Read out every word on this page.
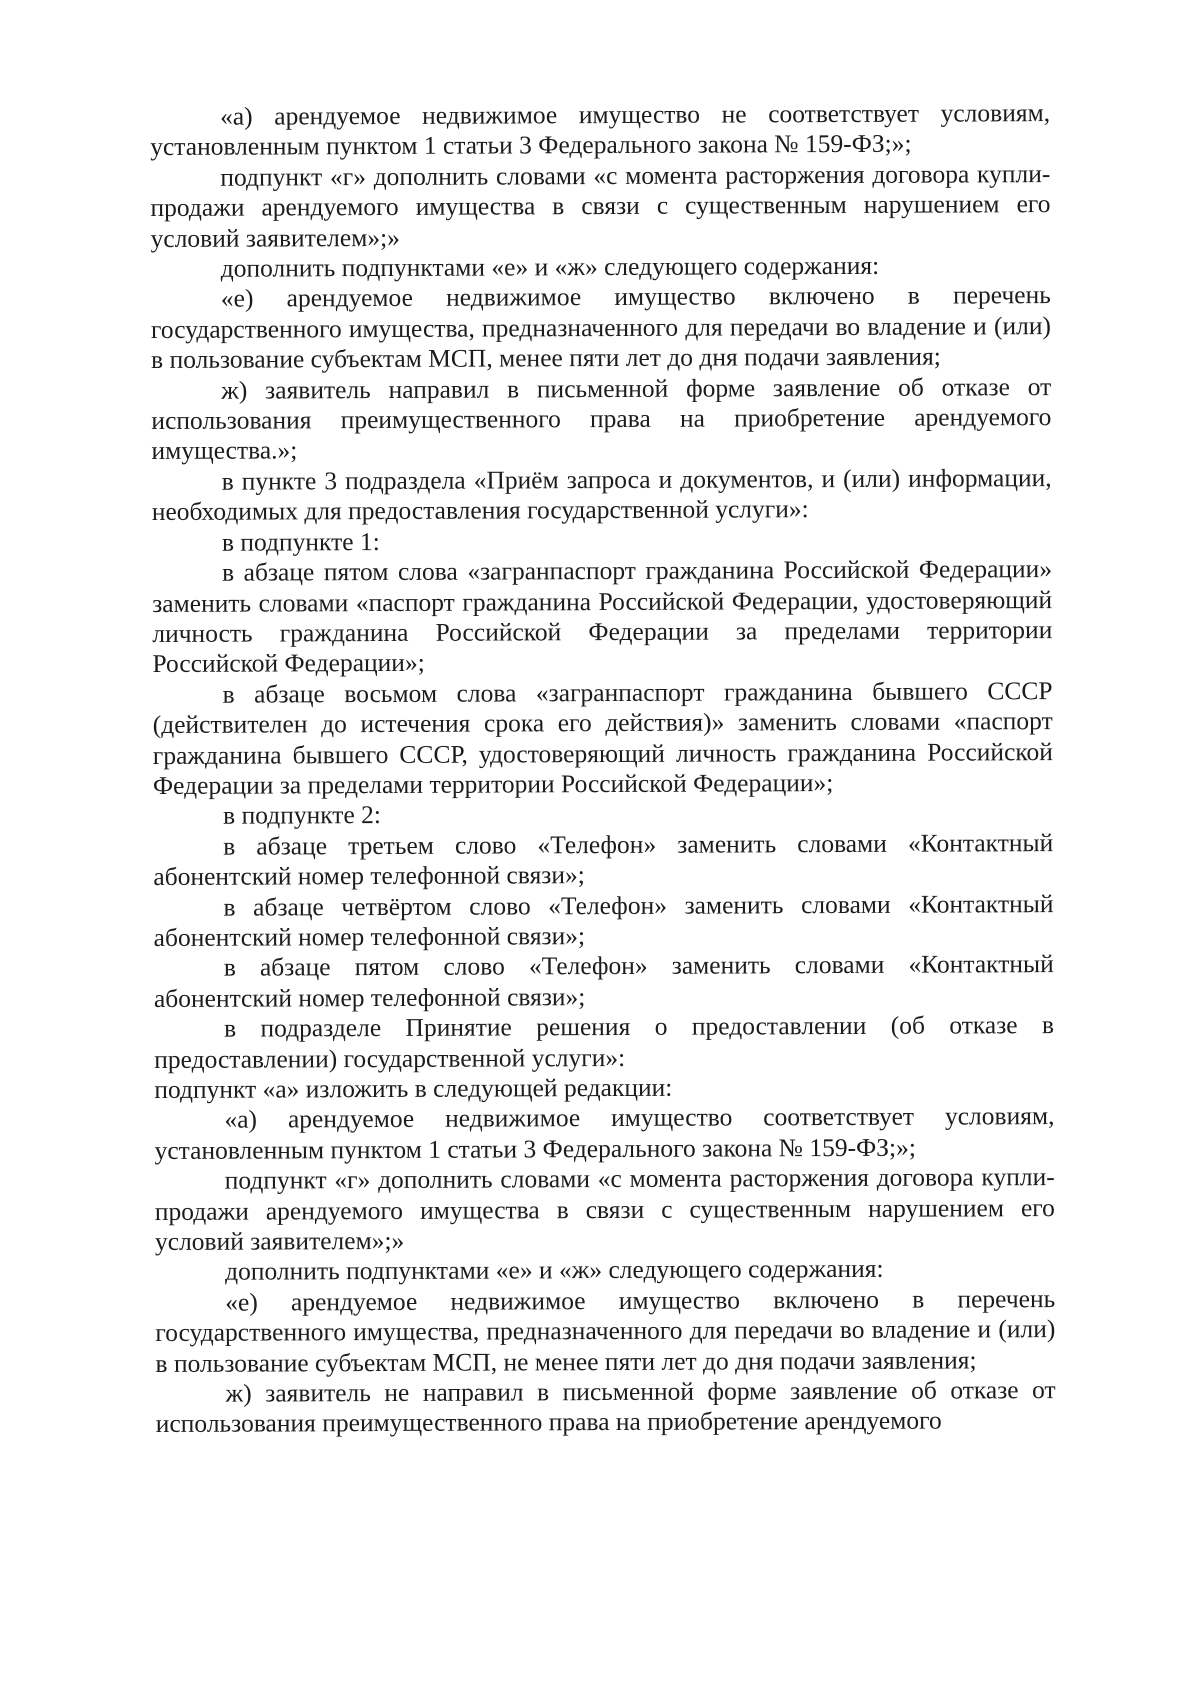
«а) арендуемое недвижимое имущество не соответствует условиям, установленным пунктом 1 статьи 3 Федерального закона № 159-ФЗ;»;

подпункт «г» дополнить словами «с момента расторжения договора купли-продажи арендуемого имущества в связи с существенным нарушением его условий заявителем»;»

дополнить подпунктами «е» и «ж» следующего содержания:

«е) арендуемое недвижимое имущество включено в перечень государственного имущества, предназначенного для передачи во владение и (или) в пользование субъектам МСП, менее пяти лет до дня подачи заявления;

ж) заявитель направил в письменной форме заявление об отказе от использования преимущественного права на приобретение арендуемого имущества.»;

в пункте 3 подраздела «Приём запроса и документов, и (или) информации, необходимых для предоставления государственной услуги»:

в подпункте 1:

в абзаце пятом слова «загранпаспорт гражданина Российской Федерации» заменить словами «паспорт гражданина Российской Федерации, удостоверяющий личность гражданина Российской Федерации за пределами территории Российской Федерации»;

в абзаце восьмом слова «загранпаспорт гражданина бывшего СССР (действителен до истечения срока его действия)» заменить словами «паспорт гражданина бывшего СССР, удостоверяющий личность гражданина Российской Федерации за пределами территории Российской Федерации»;

в подпункте 2:

в абзаце третьем слово «Телефон» заменить словами «Контактный абонентский номер телефонной связи»;

в абзаце четвёртом слово «Телефон» заменить словами «Контактный абонентский номер телефонной связи»;

в абзаце пятом слово «Телефон» заменить словами «Контактный абонентский номер телефонной связи»;

в подразделе Принятие решения о предоставлении (об отказе в предоставлении) государственной услуги»:

подпункт «а» изложить в следующей редакции:

«а) арендуемое недвижимое имущество соответствует условиям, установленным пунктом 1 статьи 3 Федерального закона № 159-ФЗ;»;

подпункт «г» дополнить словами «с момента расторжения договора купли- продажи арендуемого имущества в связи с существенным нарушением его условий заявителем»;»

дополнить подпунктами «е» и «ж» следующего содержания:

«е) арендуемое недвижимое имущество включено в перечень государственного имущества, предназначенного для передачи во владение и (или) в пользование субъектам МСП, не менее пяти лет до дня подачи заявления;

ж) заявитель не направил в письменной форме заявление об отказе от использования преимущественного права на приобретение арендуемого
